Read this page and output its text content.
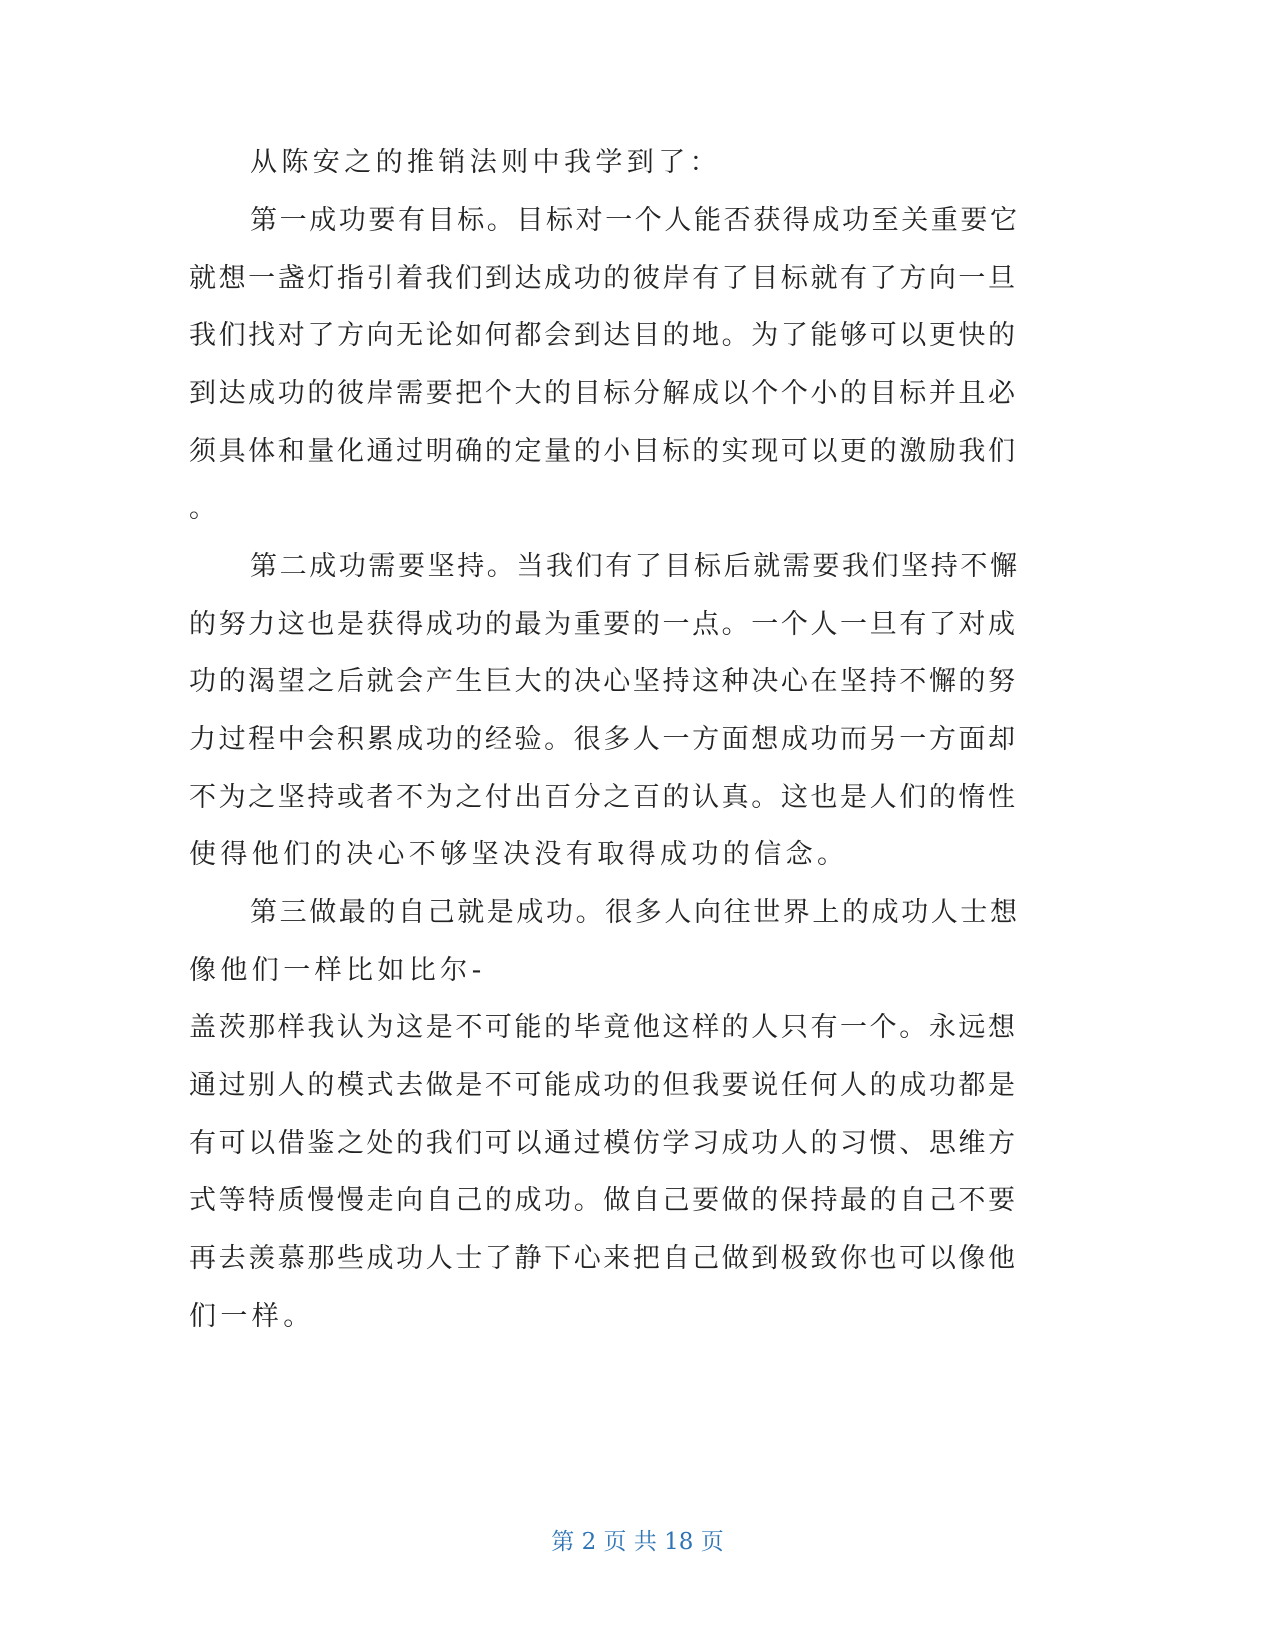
从陈安之的推销法则中我学到了：
第一成功要有目标。目标对一个人能否获得成功至关重要它
就想一盏灯指引着我们到达成功的彼岸有了目标就有了方向一旦
我们找对了方向无论如何都会到达目的地。为了能够可以更快的
到达成功的彼岸需要把个大的目标分解成以个个小的目标并且必
须具体和量化通过明确的定量的小目标的实现可以更的激励我们
。
第二成功需要坚持。当我们有了目标后就需要我们坚持不懈
的努力这也是获得成功的最为重要的一点。一个人一旦有了对成
功的渴望之后就会产生巨大的决心坚持这种决心在坚持不懈的努
力过程中会积累成功的经验。很多人一方面想成功而另一方面却
不为之坚持或者不为之付出百分之百的认真。这也是人们的惰性
使得他们的决心不够坚决没有取得成功的信念。
第三做最的自己就是成功。很多人向往世界上的成功人士想
像他们一样比如比尔-
盖茨那样我认为这是不可能的毕竟他这样的人只有一个。永远想
通过别人的模式去做是不可能成功的但我要说任何人的成功都是
有可以借鉴之处的我们可以通过模仿学习成功人的习惯、思维方
式等特质慢慢走向自己的成功。做自己要做的保持最的自己不要
再去羡慕那些成功人士了静下心来把自己做到极致你也可以像他
们一样。
第 2 页 共 18 页
